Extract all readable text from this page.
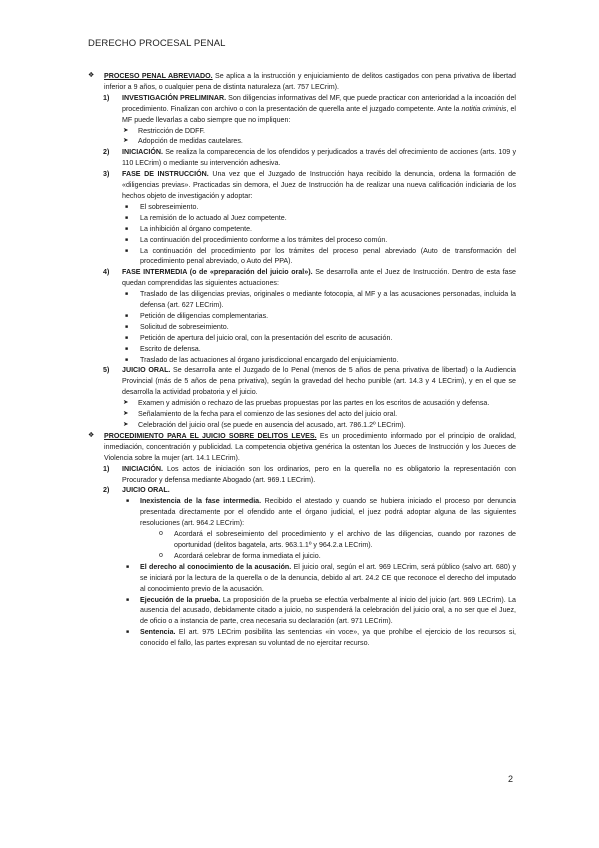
DERECHO PROCESAL PENAL
❖ PROCESO PENAL ABREVIADO. Se aplica a la instrucción y enjuiciamiento de delitos castigados con pena privativa de libertad inferior a 9 años, o cualquier pena de distinta naturaleza (art. 757 LECrim).
1) INVESTIGACIÓN PRELIMINAR. Son diligencias informativas del MF, que puede practicar con anterioridad a la incoación del procedimiento. Finalizan con archivo o con la presentación de querella ante el juzgado competente. Ante la notitia criminis, el MF puede llevarlas a cabo siempre que no impliquen:
➤ Restricción de DDFF.
➤ Adopción de medidas cautelares.
2) INICIACIÓN. Se realiza la comparecencia de los ofendidos y perjudicados a través del ofrecimiento de acciones (arts. 109 y 110 LECrim) o mediante su intervención adhesiva.
3) FASE DE INSTRUCCIÓN. Una vez que el Juzgado de Instrucción haya recibido la denuncia, ordena la formación de «diligencias previas». Practicadas sin demora, el Juez de Instrucción ha de realizar una nueva calificación indiciaria de los hechos objeto de investigación y adoptar:
■ El sobreseimiento.
■ La remisión de lo actuado al Juez competente.
■ La inhibición al órgano competente.
■ La continuación del procedimiento conforme a los trámites del proceso común.
■ La continuación del procedimiento por los trámites del proceso penal abreviado (Auto de transformación del procedimiento penal abreviado, o Auto del PPA).
4) FASE INTERMEDIA (o de «preparación del juicio oral»). Se desarrolla ante el Juez de Instrucción. Dentro de esta fase quedan comprendidas las siguientes actuaciones:
■ Traslado de las diligencias previas, originales o mediante fotocopia, al MF y a las acusaciones personadas, incluida la defensa (art. 627 LECrim).
■ Petición de diligencias complementarias.
■ Solicitud de sobreseimiento.
■ Petición de apertura del juicio oral, con la presentación del escrito de acusación.
■ Escrito de defensa.
■ Traslado de las actuaciones al órgano jurisdiccional encargado del enjuiciamiento.
5) JUICIO ORAL. Se desarrolla ante el Juzgado de lo Penal (menos de 5 años de pena privativa de libertad) o la Audiencia Provincial (más de 5 años de pena privativa), según la gravedad del hecho punible (art. 14.3 y 4 LECrim), y en el que se desarrolla la actividad probatoria y el juicio.
➤ Examen y admisión o rechazo de las pruebas propuestas por las partes en los escritos de acusación y defensa.
➤ Señalamiento de la fecha para el comienzo de las sesiones del acto del juicio oral.
➤ Celebración del juicio oral (se puede en ausencia del acusado, art. 786.1.2º LECrim).
❖ PROCEDIMIENTO PARA EL JUICIO SOBRE DELITOS LEVES. Es un procedimiento informado por el principio de oralidad, inmediación, concentración y publicidad. La competencia objetiva genérica la ostentan los Jueces de Instrucción y los Jueces de Violencia sobre la mujer (art. 14.1 LECrim).
1) INICIACIÓN. Los actos de iniciación son los ordinarios, pero en la querella no es obligatorio la representación con Procurador y defensa mediante Abogado (art. 969.1 LECrim).
2) JUICIO ORAL.
■ Inexistencia de la fase intermedia. Recibido el atestado y cuando se hubiera iniciado el proceso por denuncia presentada directamente por el ofendido ante el órgano judicial, el juez podrá adoptar alguna de las siguientes resoluciones (art. 964.2 LECrim):
o Acordará el sobreseimiento del procedimiento y el archivo de las diligencias, cuando por razones de oportunidad (delitos bagatela, arts. 963.1.1º y 964.2.a LECrim).
o Acordará celebrar de forma inmediata el juicio.
■ El derecho al conocimiento de la acusación. El juicio oral, según el art. 969 LECrim, será público (salvo art. 680) y se iniciará por la lectura de la querella o de la denuncia, debido al art. 24.2 CE que reconoce el derecho del imputado al conocimiento previo de la acusación.
■ Ejecución de la prueba. La proposición de la prueba se efectúa verbalmente al inicio del juicio (art. 969 LECrim). La ausencia del acusado, debidamente citado a juicio, no suspenderá la celebración del juicio oral, a no ser que el Juez, de oficio o a instancia de parte, crea necesaria su declaración (art. 971 LECrim).
■ Sentencia. El art. 975 LECrim posibilita las sentencias «in voce», ya que prohíbe el ejercicio de los recursos si, conocido el fallo, las partes expresan su voluntad de no ejercitar recurso.
2
